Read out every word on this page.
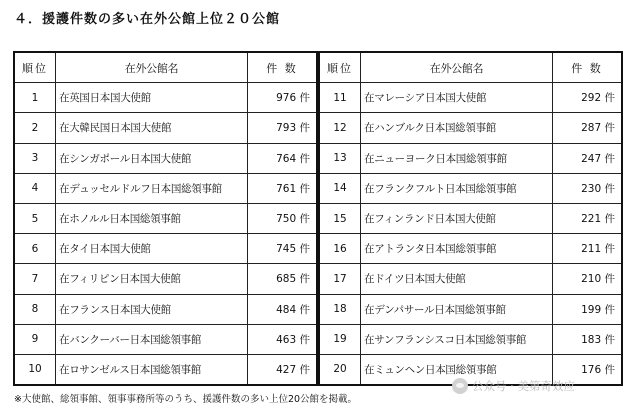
４．援護件数の多い在外公館上位２０公館
順位	在外公館名	件 数
1	在英国日本国大使館	976 件
2	在大韓民国日本国大使館	793 件
3	在シンガポール日本国大使館	764 件
4	在デュッセルドルフ日本国総領事館	761 件
5	在ホノルル日本国総領事館	750 件
6	在タイ日本国大使館	745 件
7	在フィリピン日本国大使館	685 件
8	在フランス日本国大使館	484 件
9	在バンクーバー日本国総領事館	463 件
10	在ロサンゼルス日本国総領事館	427 件
順位	在外公館名	件 数
11	在マレーシア日本国大使館	292 件
12	在ハンブルク日本国総領事館	287 件
13	在ニューヨーク日本国総領事館	247 件
14	在フランクフルト日本国総領事館	230 件
15	在フィンランド日本国大使館	221 件
16	在アトランタ日本国総領事館	211 件
17	在ドイツ日本国大使館	210 件
18	在デンパサール日本国総領事館	199 件
19	在サンフランシスコ日本国総領事館	183 件
20	在ミュンヘン日本国総領事館	176 件
※大使館、総領事館、領事事務所等のうち、援護件数の多い上位20公館を掲載。
公众号 · 美第奇效应
